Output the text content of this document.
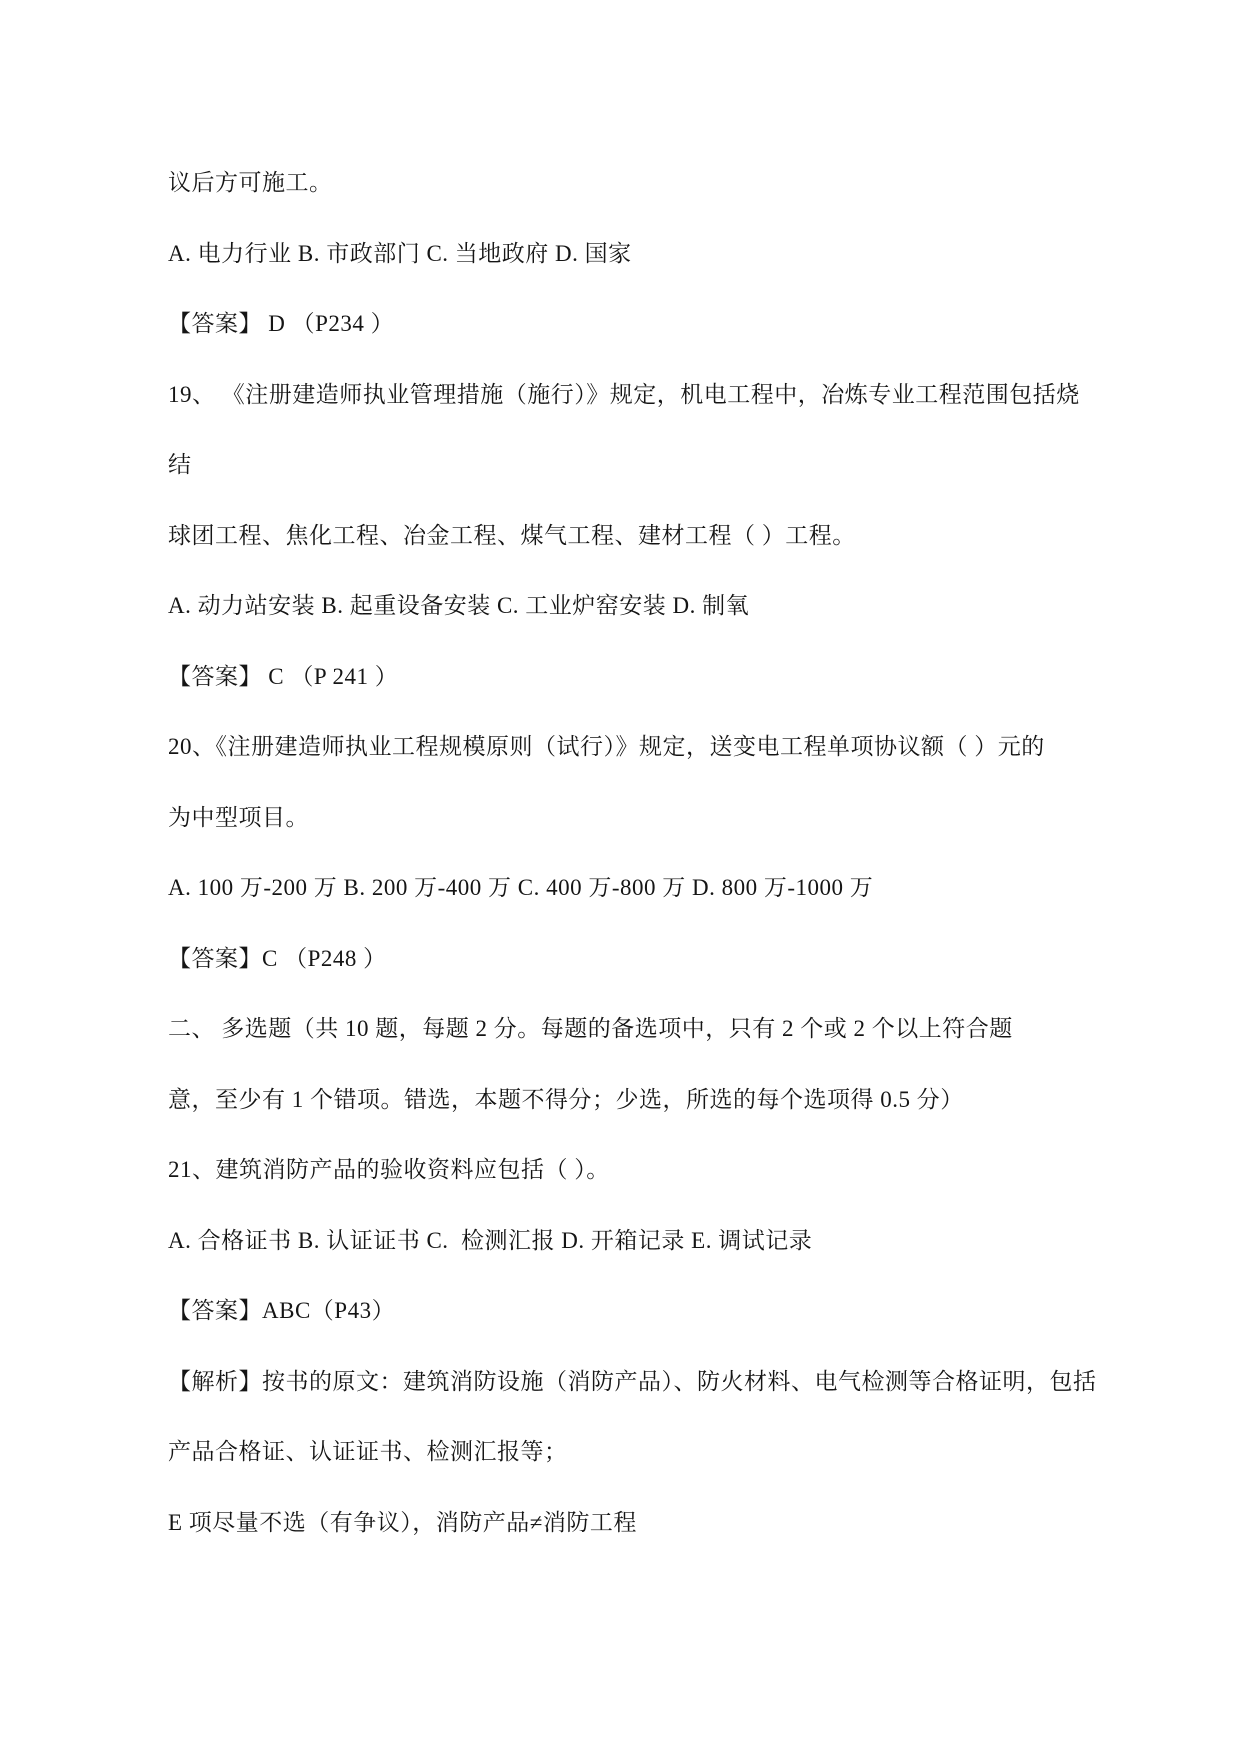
议后方可施工。
A. 电力行业 B. 市政部门 C. 当地政府 D. 国家
【答案】 D （P234 ）
19、 《注册建造师执业管理措施（施行）》规定，机电工程中，冶炼专业工程范围包括烧
结
球团工程、焦化工程、冶金工程、煤气工程、建材工程（ ）工程。
A. 动力站安装 B. 起重设备安装 C. 工业炉窑安装 D. 制氧
【答案】 C （P 241 ）
20、《注册建造师执业工程规模原则（试行）》规定，送变电工程单项协议额（ ）元的
为中型项目。
A. 100 万-200 万 B. 200 万-400 万 C. 400 万-800 万 D. 800 万-1000 万
【答案】C （P248 ）
二、 多选题（共 10 题，每题 2 分。每题的备选项中，只有 2 个或 2 个以上符合题
意，至少有 1 个错项。错选，本题不得分；少选，所选的每个选项得 0.5 分）
21、建筑消防产品的验收资料应包括（ ）。
A. 合格证书 B. 认证证书 C.  检测汇报 D. 开箱记录 E. 调试记录
【答案】ABC（P43）
【解析】按书的原文：建筑消防设施（消防产品）、防火材料、电气检测等合格证明，包括
产品合格证、认证证书、检测汇报等；
E 项尽量不选（有争议），消防产品≠消防工程
